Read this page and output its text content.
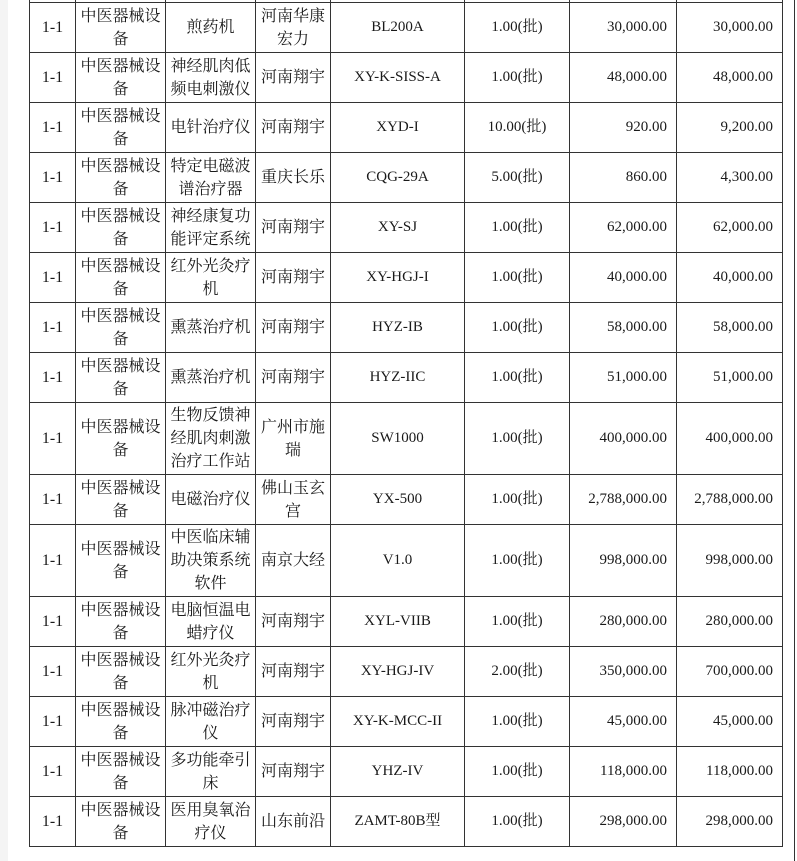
1-1	中医器械设备	煎药机	河南华康宏力	BL200A	1.00(批)	30,000.00	30,000.00
1-1	中医器械设备	神经肌肉低频电刺激仪	河南翔宇	XY-K-SISS-A	1.00(批)	48,000.00	48,000.00
1-1	中医器械设备	电针治疗仪	河南翔宇	XYD-I	10.00(批)	920.00	9,200.00
1-1	中医器械设备	特定电磁波谱治疗器	重庆长乐	CQG-29A	5.00(批)	860.00	4,300.00
1-1	中医器械设备	神经康复功能评定系统	河南翔宇	XY-SJ	1.00(批)	62,000.00	62,000.00
1-1	中医器械设备	红外光灸疗机	河南翔宇	XY-HGJ-I	1.00(批)	40,000.00	40,000.00
1-1	中医器械设备	熏蒸治疗机	河南翔宇	HYZ-IB	1.00(批)	58,000.00	58,000.00
1-1	中医器械设备	熏蒸治疗机	河南翔宇	HYZ-IIC	1.00(批)	51,000.00	51,000.00
1-1	中医器械设备	生物反馈神经肌肉刺激治疗工作站	广州市施瑞	SW1000	1.00(批)	400,000.00	400,000.00
1-1	中医器械设备	电磁治疗仪	佛山玉玄宫	YX-500	1.00(批)	2,788,000.00	2,788,000.00
1-1	中医器械设备	中医临床辅助决策系统软件	南京大经	V1.0	1.00(批)	998,000.00	998,000.00
1-1	中医器械设备	电脑恒温电蜡疗仪	河南翔宇	XYL-VIIB	1.00(批)	280,000.00	280,000.00
1-1	中医器械设备	红外光灸疗机	河南翔宇	XY-HGJ-IV	2.00(批)	350,000.00	700,000.00
1-1	中医器械设备	脉冲磁治疗仪	河南翔宇	XY-K-MCC-II	1.00(批)	45,000.00	45,000.00
1-1	中医器械设备	多功能牵引床	河南翔宇	YHZ-IV	1.00(批)	118,000.00	118,000.00
1-1	中医器械设备	医用臭氧治疗仪	山东前沿	ZAMT-80B型	1.00(批)	298,000.00	298,000.00
